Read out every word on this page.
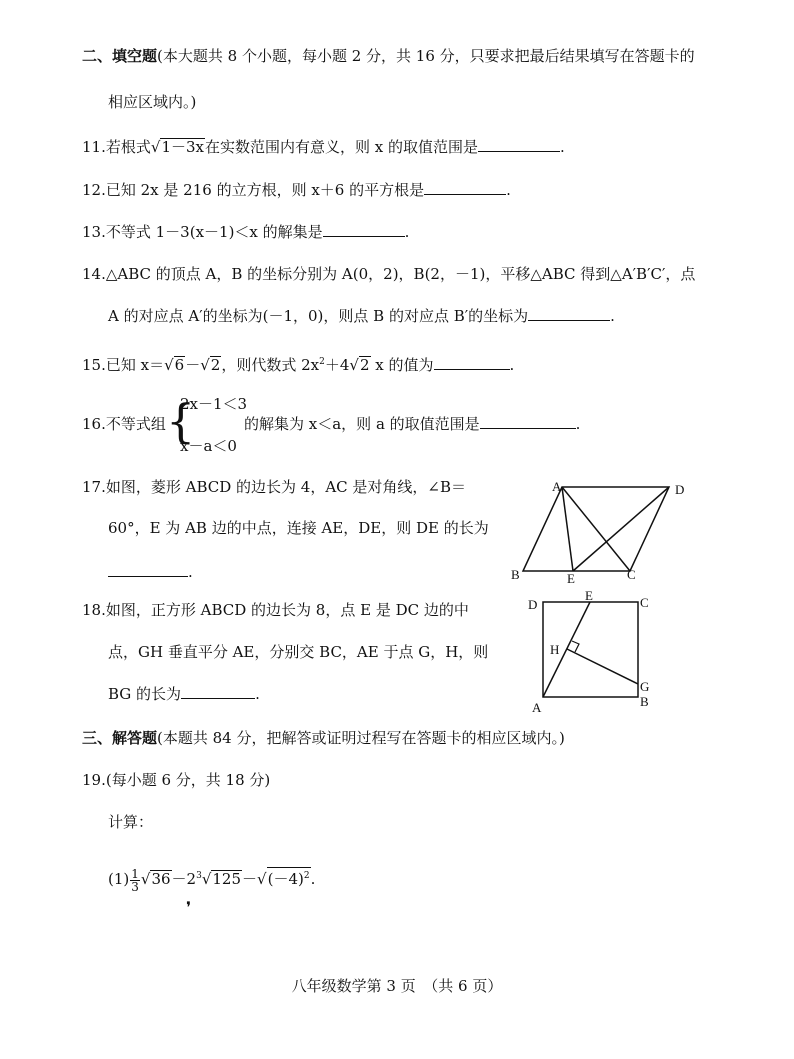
二、填空题(本大题共 8 个小题，每小题 2 分，共 16 分，只要求把最后结果填写在答题卡的
相应区域内。)
11.若根式√1－3x在实数范围内有意义，则 x 的取值范围是	.
12.已知 2x 是 216 的立方根，则 x＋6 的平方根是	.
13.不等式 1－3(x－1)＜x 的解集是	.
14.△ABC 的顶点 A，B 的坐标分别为 A(0，2)，B(2，－1)，平移△ABC 得到△A′B′C′，点
A 的对应点 A′的坐标为(－1，0)，则点 B 的对应点 B′的坐标为	.
15.已知 x＝√6－√2，则代数式 $2x^2+4√2$ x 的值为	.
16.不等式组 {
2x－1＜3
x－a＜0
的解集为 x＜a，则 a 的取值范围是	.
17.如图，菱形 ABCD 的边长为 4，AC 是对角线，∠B＝
60°，E 为 AB 边的中点，连接 AE，DE，则 DE 的长为
.
A	D
B	E	C
18.如图，正方形 ABCD 的边长为 8，点 E 是 DC 边的中
点，GH 垂直平分 AE，分别交 BC，AE 于点 G，H，则
BG 的长为	.
D
E	C
H
G
B
A
三、解答题(本题共 84 分，把解答或证明过程写在答题卡的相应区域内。)
19.(每小题 6 分，共 18 分)
计算：
$(1) \frac{1}{3} √36-2^3√125-√(-4)^2$.
❜
八年级数学第 3 页　（共 6 页）
